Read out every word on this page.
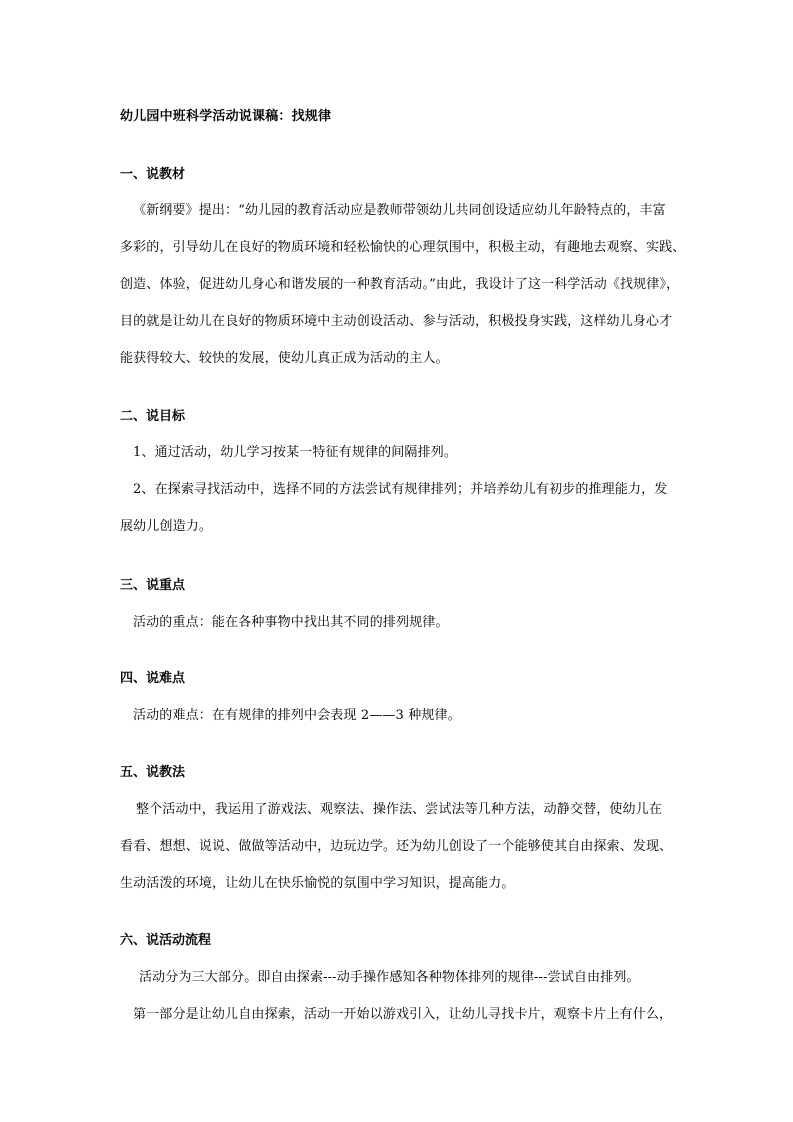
幼儿园中班科学活动说课稿：找规律
一、说教材
《新纲要》提出：“幼儿园的教育活动应是教师带领幼儿共同创设适应幼儿年龄特点的，丰富
多彩的，引导幼儿在良好的物质环境和轻松愉快的心理氛围中，积极主动，有趣地去观察、实践、
创造、体验，促进幼儿身心和谐发展的一种教育活动。”由此，我设计了这一科学活动《找规律》，
目的就是让幼儿在良好的物质环境中主动创设活动、参与活动，积极投身实践，这样幼儿身心才
能获得较大、较快的发展，使幼儿真正成为活动的主人。
二、说目标
1、通过活动，幼儿学习按某一特征有规律的间隔排列。
2、在探索寻找活动中，选择不同的方法尝试有规律排列；并培养幼儿有初步的推理能力，发
展幼儿创造力。
三、说重点
活动的重点：能在各种事物中找出其不同的排列规律。
四、说难点
活动的难点：在有规律的排列中会表现 2——3 种规律。
五、说教法
整个活动中，我运用了游戏法、观察法、操作法、尝试法等几种方法，动静交替，使幼儿在
看看、想想、说说、做做等活动中，边玩边学。还为幼儿创设了一个能够使其自由探索、发现、
生动活泼的环境，让幼儿在快乐愉悦的氛围中学习知识，提高能力。
六、说活动流程
活动分为三大部分。即自由探索---动手操作感知各种物体排列的规律---尝试自由排列。
第一部分是让幼儿自由探索，活动一开始以游戏引入，让幼儿寻找卡片，观察卡片上有什么，
